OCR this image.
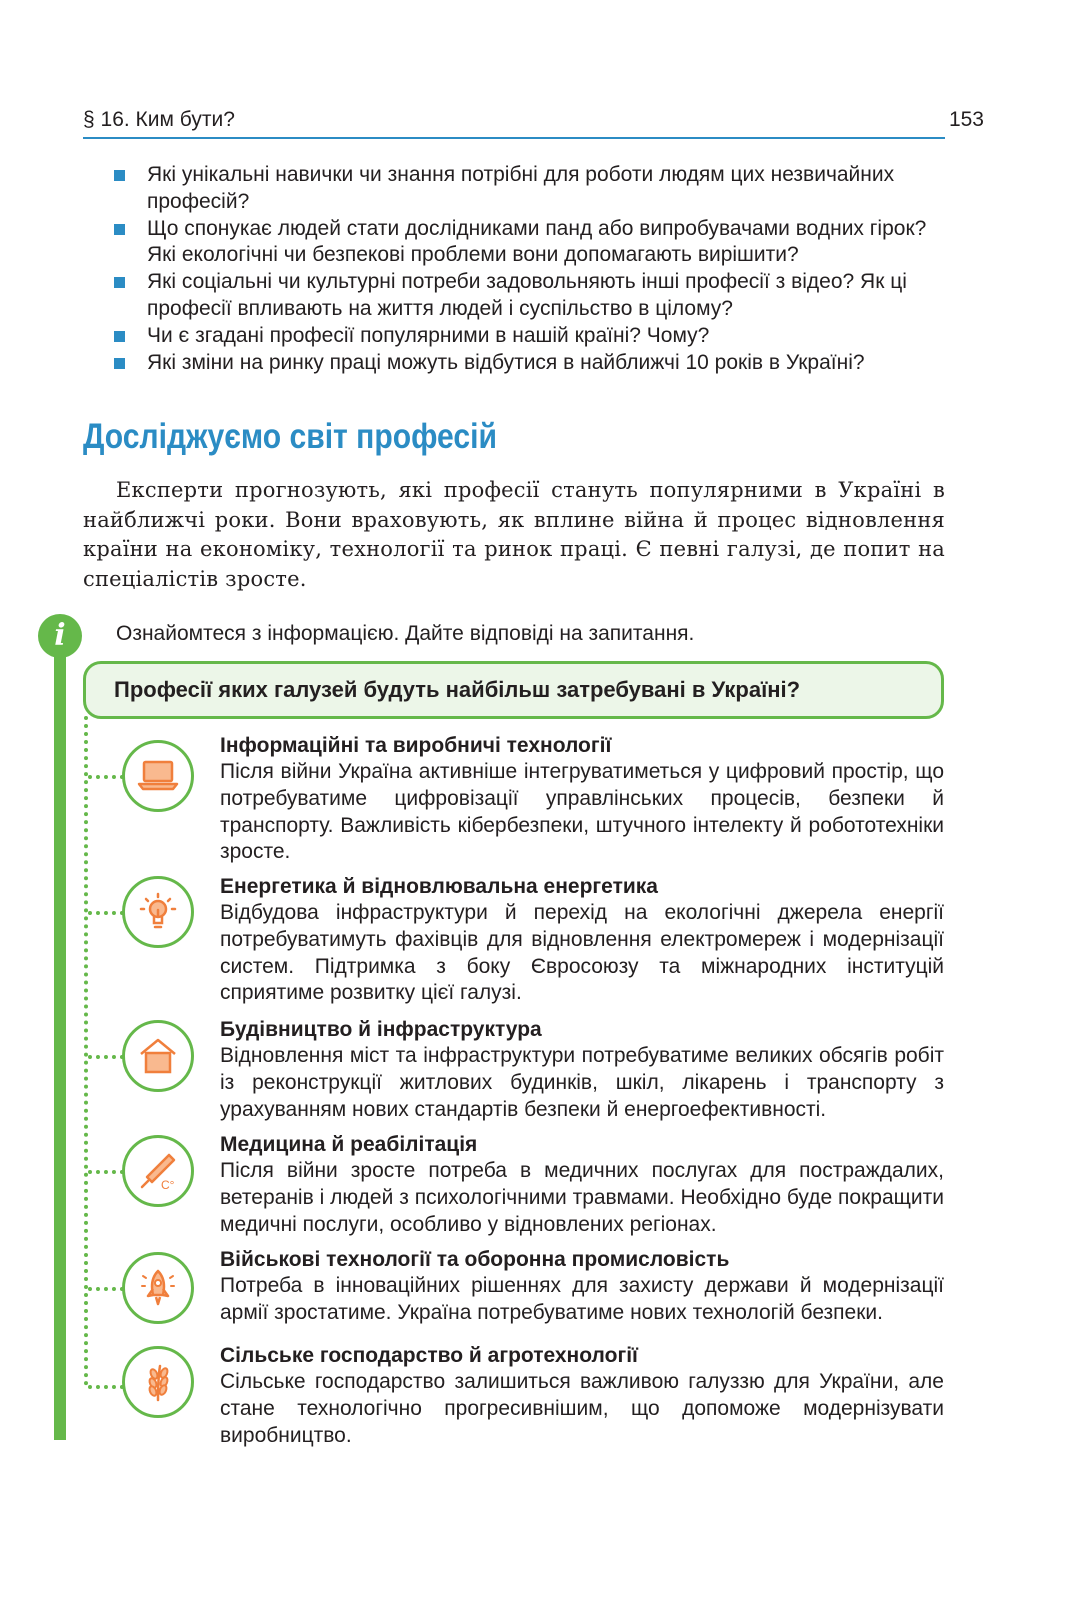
§ 16. Ким бути?	153
Які унікальні навички чи знання потрібні для роботи людям цих незвичайних професій?
Що спонукає людей стати дослідниками панд або випробувачами водних гірок? Які екологічні чи безпекові проблеми вони допомагають вирішити?
Які соціальні чи культурні потреби задовольняють інші професії з відео? Як ці професії впливають на життя людей і суспільство в цілому?
Чи є згадані професії популярними в нашій країні? Чому?
Які зміни на ринку праці можуть відбутися в найближчі 10 років в Україні?
Досліджуємо світ професій

Експерти прогнозують, які професії стануть популярними в Україні в найближчі роки. Вони враховують, як вплине війна й процес відновлення країни на економіку, технології та ринок праці. Є певні галузі, де попит на спеціалістів зросте.

i	Ознайомтеся з інформацією. Дайте відповіді на запитання.
Професії яких галузей будуть найбільш затребувані в Україні?
Інформаційні та виробничі технології

Після війни Україна активніше інтегруватиметься у цифровий простір, що потребуватиме цифровізації управлінських процесів, безпеки й транспорту. Важливість кібербезпеки, штучного інтелекту й робототехніки зросте.

Енергетика й відновлювальна енергетика

Відбудова інфраструктури й перехід на екологічні джерела енергії потребуватимуть фахівців для відновлення електромереж і модернізації систем. Підтримка з боку Євросоюзу та міжнародних інституцій сприятиме розвитку цієї галузі.

Будівництво й інфраструктура

Відновлення міст та інфраструктури потребуватиме великих обсягів робіт із реконструкції житлових будинків, шкіл, лікарень і транспорту з урахуванням нових стандартів безпеки й енергоефективності.

C°
Медицина й реабілітація

Після війни зросте потреба в медичних послугах для постраждалих, ветеранів і людей з психологічними травмами. Необхідно буде покращити медичні послуги, особливо у відновлених регіонах.

Військові технології та оборонна промисловість

Потреба в інноваційних рішеннях для захисту держави й модернізації армії зростатиме. Україна потребуватиме нових технологій безпеки.

Сільське господарство й агротехнології

Сільське господарство залишиться важливою галуззю для України, але стане технологічно прогресивнішим, що допоможе модернізувати виробництво.
